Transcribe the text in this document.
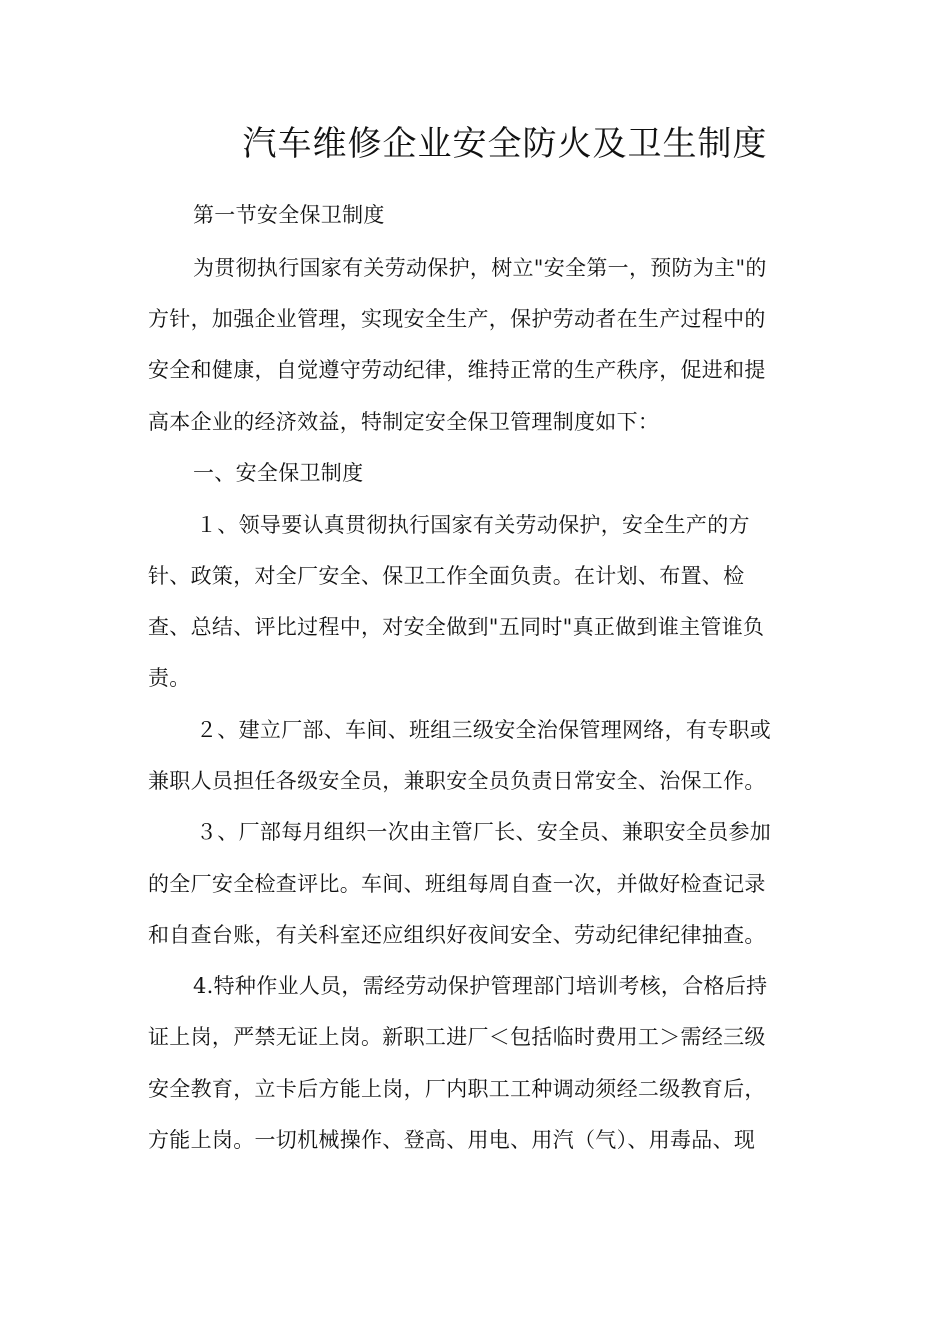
汽车维修企业安全防火及卫生制度
第一节安全保卫制度
为贯彻执行国家有关劳动保护，树立"安全第一，预防为主"的
方针，加强企业管理，实现安全生产，保护劳动者在生产过程中的
安全和健康，自觉遵守劳动纪律，维持正常的生产秩序，促进和提
高本企业的经济效益，特制定安全保卫管理制度如下：
一、安全保卫制度
１、领导要认真贯彻执行国家有关劳动保护，安全生产的方
针、政策，对全厂安全、保卫工作全面负责。在计划、布置、检
查、总结、评比过程中，对安全做到"五同时"真正做到谁主管谁负
责。
２、建立厂部、车间、班组三级安全治保管理网络，有专职或
兼职人员担任各级安全员，兼职安全员负责日常安全、治保工作。
３、厂部每月组织一次由主管厂长、安全员、兼职安全员参加
的全厂安全检查评比。车间、班组每周自查一次，并做好检查记录
和自查台账，有关科室还应组织好夜间安全、劳动纪律纪律抽查。
4.特种作业人员，需经劳动保护管理部门培训考核，合格后持
证上岗，严禁无证上岗。新职工进厂＜包括临时费用工＞需经三级
安全教育，立卡后方能上岗，厂内职工工种调动须经二级教育后，
方能上岗。一切机械操作、登高、用电、用汽（气）、用毒品、现
